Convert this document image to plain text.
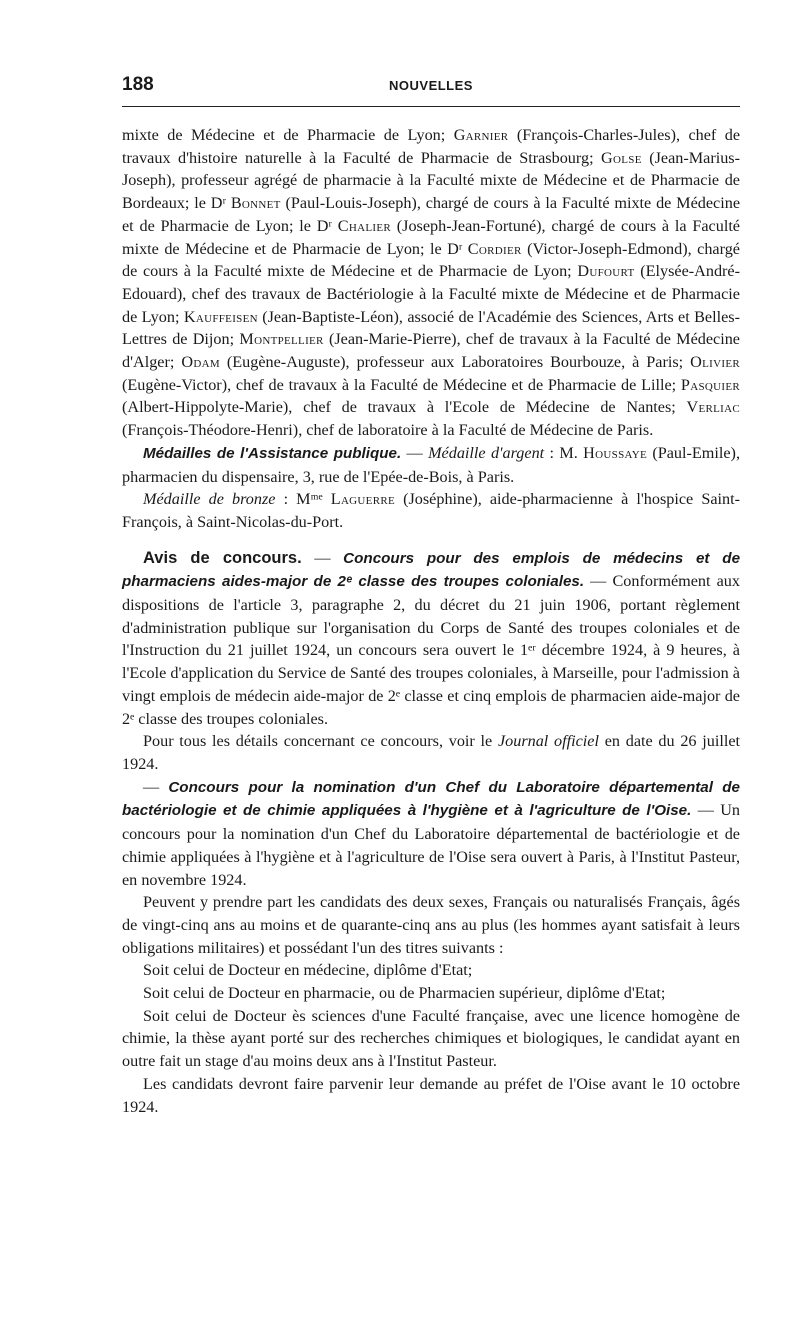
188	NOUVELLES

mixte de Médecine et de Pharmacie de Lyon; Garnier (François-Charles-Jules), chef de travaux d'histoire naturelle à la Faculté de Pharmacie de Strasbourg; Golse (Jean-Marius-Joseph), professeur agrégé de pharmacie à la Faculté mixte de Médecine et de Pharmacie de Bordeaux; le Dʳ Bonnet (Paul-Louis-Joseph), chargé de cours à la Faculté mixte de Médecine et de Pharmacie de Lyon; le Dʳ Chalier (Joseph-Jean-Fortuné), chargé de cours à la Faculté mixte de Médecine et de Pharmacie de Lyon; le Dʳ Cordier (Victor-Joseph-Edmond), chargé de cours à la Faculté mixte de Médecine et de Pharmacie de Lyon; Dufourt (Elysée-André-Edouard), chef des travaux de Bactériologie à la Faculté mixte de Médecine et de Pharmacie de Lyon; Kauffeisen (Jean-Baptiste-Léon), associé de l'Académie des Sciences, Arts et Belles-Lettres de Dijon; Montpellier (Jean-Marie-Pierre), chef de travaux à la Faculté de Médecine d'Alger; Odam (Eugène-Auguste), professeur aux Laboratoires Bourbouze, à Paris; Olivier (Eugène-Victor), chef de travaux à la Faculté de Médecine et de Pharmacie de Lille; Pasquier (Albert-Hippolyte-Marie), chef de travaux à l'Ecole de Médecine de Nantes; Verliac (François-Théodore-Henri), chef de laboratoire à la Faculté de Médecine de Paris.

Médailles de l'Assistance publique. — Médaille d'argent : M. Houssaye (Paul-Emile), pharmacien du dispensaire, 3, rue de l'Epée-de-Bois, à Paris.

Médaille de bronze : Mᵐᵉ Laguerre (Joséphine), aide-pharmacienne à l'hospice Saint-François, à Saint-Nicolas-du-Port.

Avis de concours. — Concours pour des emplois de médecins et de pharmaciens aides-major de 2ᵉ classe des troupes coloniales. — Conformément aux dispositions de l'article 3, paragraphe 2, du décret du 21 juin 1906, portant règlement d'administration publique sur l'organisation du Corps de Santé des troupes coloniales et de l'Instruction du 21 juillet 1924, un concours sera ouvert le 1ᵉʳ décembre 1924, à 9 heures, à l'Ecole d'application du Service de Santé des troupes coloniales, à Marseille, pour l'admission à vingt emplois de médecin aide-major de 2ᵉ classe et cinq emplois de pharmacien aide-major de 2ᵉ classe des troupes coloniales.

Pour tous les détails concernant ce concours, voir le Journal officiel en date du 26 juillet 1924.

— Concours pour la nomination d'un Chef du Laboratoire départemental de bactériologie et de chimie appliquées à l'hygiène et à l'agriculture de l'Oise. — Un concours pour la nomination d'un Chef du Laboratoire départemental de bactériologie et de chimie appliquées à l'hygiène et à l'agriculture de l'Oise sera ouvert à Paris, à l'Institut Pasteur, en novembre 1924.

Peuvent y prendre part les candidats des deux sexes, Français ou naturalisés Français, âgés de vingt-cinq ans au moins et de quarante-cinq ans au plus (les hommes ayant satisfait à leurs obligations militaires) et possédant l'un des titres suivants :

Soit celui de Docteur en médecine, diplôme d'Etat;

Soit celui de Docteur en pharmacie, ou de Pharmacien supérieur, diplôme d'Etat;

Soit celui de Docteur ès sciences d'une Faculté française, avec une licence homogène de chimie, la thèse ayant porté sur des recherches chimiques et biologiques, le candidat ayant en outre fait un stage d'au moins deux ans à l'Institut Pasteur.

Les candidats devront faire parvenir leur demande au préfet de l'Oise avant le 10 octobre 1924.
